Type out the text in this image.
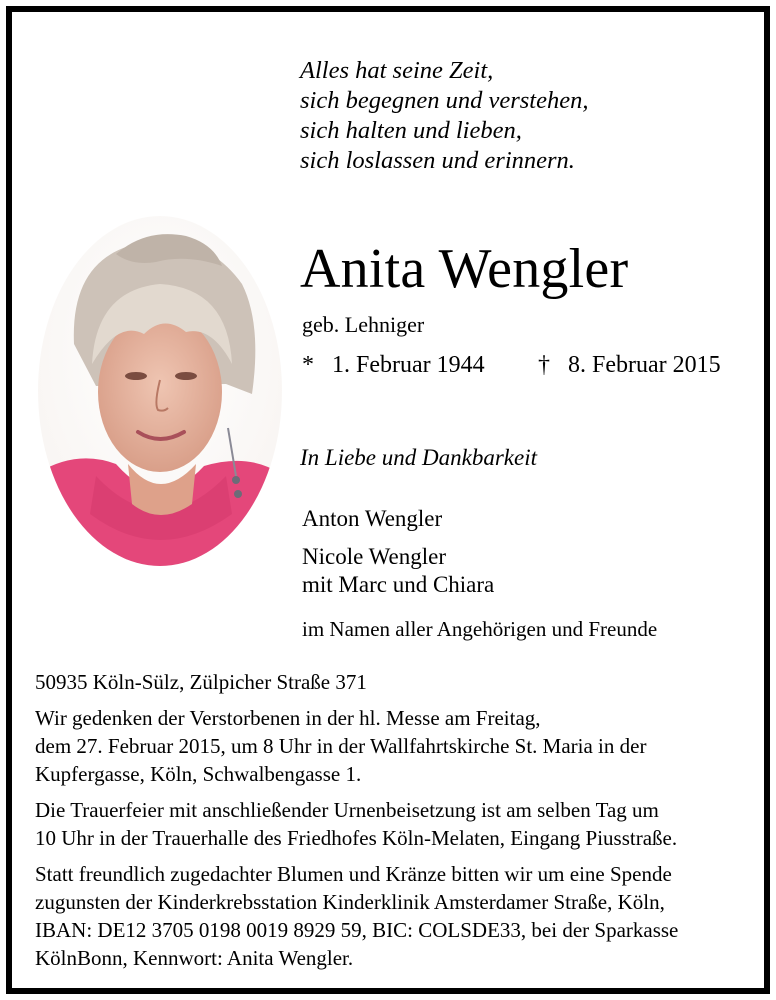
Alles hat seine Zeit,
sich begegnen und verstehen,
sich halten und lieben,
sich loslassen und erinnern.
Anita Wengler
geb. Lehniger
* 1. Februar 1944 † 8. Februar 2015
In Liebe und Dankbarkeit
Anton Wengler
Nicole Wengler
mit Marc und Chiara
im Namen aller Angehörigen und Freunde

50935 Köln-Sülz, Zülpicher Straße 371

Wir gedenken der Verstorbenen in der hl. Messe am Freitag,
dem 27. Februar 2015, um 8 Uhr in der Wallfahrtskirche St. Maria in der
Kupfergasse, Köln, Schwalbengasse 1.

Die Trauerfeier mit anschließender Urnenbeisetzung ist am selben Tag um
10 Uhr in der Trauerhalle des Friedhofes Köln-Melaten, Eingang Piusstraße.

Statt freundlich zugedachter Blumen und Kränze bitten wir um eine Spende
zugunsten der Kinderkrebsstation Kinderklinik Amsterdamer Straße, Köln,
IBAN: DE12 3705 0198 0019 8929 59, BIC: COLSDE33, bei der Sparkasse
KölnBonn, Kennwort: Anita Wengler.
